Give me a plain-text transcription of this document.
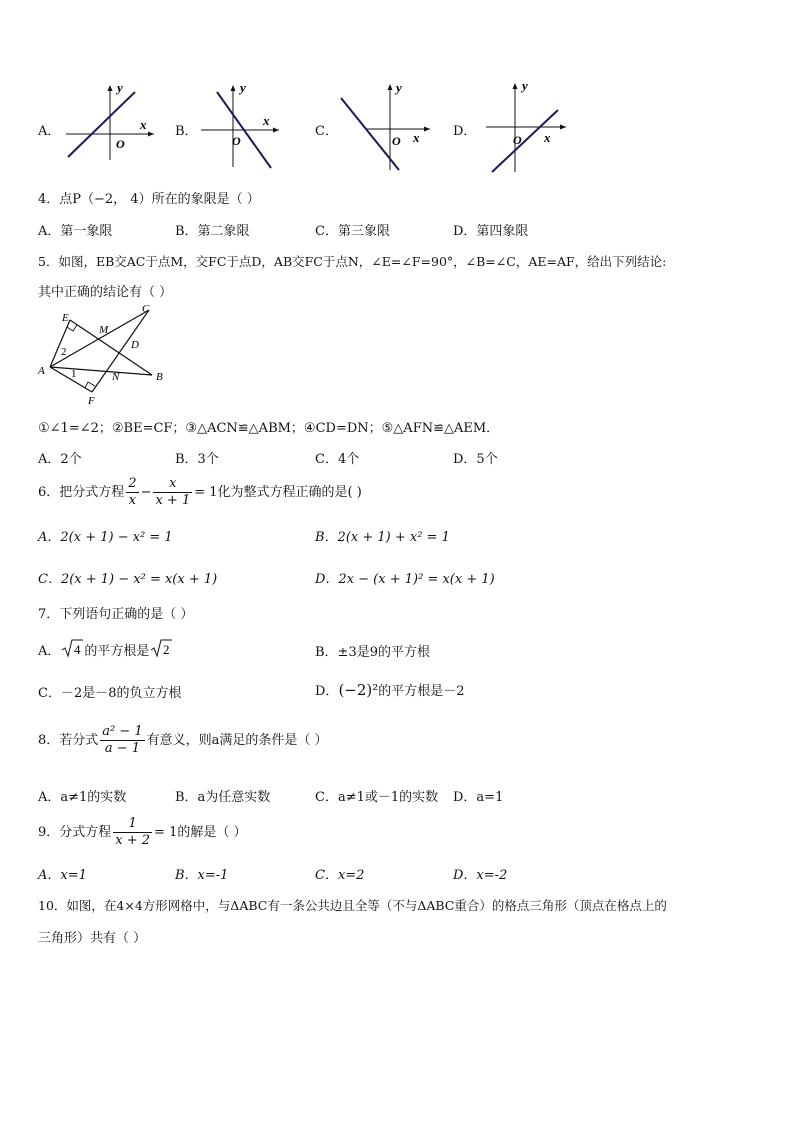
A．
y
x
O
B．
y
x
O
C．
y
x
O
D．
y
x
O
4．点P（−2， 4）所在的象限是（ ）
A．第一象限	B．第二象限	C．第三象限	D．第四象限
5．如图，EB交AC于点M，交FC于点D，AB交FC于点N，∠E=∠F=90°，∠B=∠C，AE=AF，给出下列结论:
其中正确的结论有（ ）
E
C
M
D
A	N	B
F
1
2
①∠1=∠2；②BE=CF；③△ACN≌△ABM；④CD=DN；⑤△AFN≌△AEM．
A．2个	B．3个	C．4个	D．5个
6．把分式方程 $\frac{2}{x} - \frac{x}{x + 1} = 1$化为整式方程正确的是( )
A．2(x + 1) − x² = 1	B．2(x + 1) + x² = 1
C．2(x + 1) − x² = x(x + 1)	D．2x − (x + 1)² = x(x + 1)
7．下列语句正确的是（ ）
A． 4 的平方根是 2	B．±3是9的平方根
C．－2是－8的负立方根	D．(−2)²的平方根是－2
8．若分式 $\frac{\text{a² − 1}}{a - 1}$ 有意义，则a满足的条件是（ ）
A．a≠1的实数	B．a为任意实数	C．a≠1或－1的实数 D．a=1
9．分式方程 $\frac{1}{x + 2} = 1$的解是（ ）
A．x=1	B．x=-1	C．x=2	D．x=-2
10．如图，在4×4方形网格中，与ΔABC有一条公共边且全等（不与ΔABC重合）的格点三角形（顶点在格点上的
三角形）共有（ ）
